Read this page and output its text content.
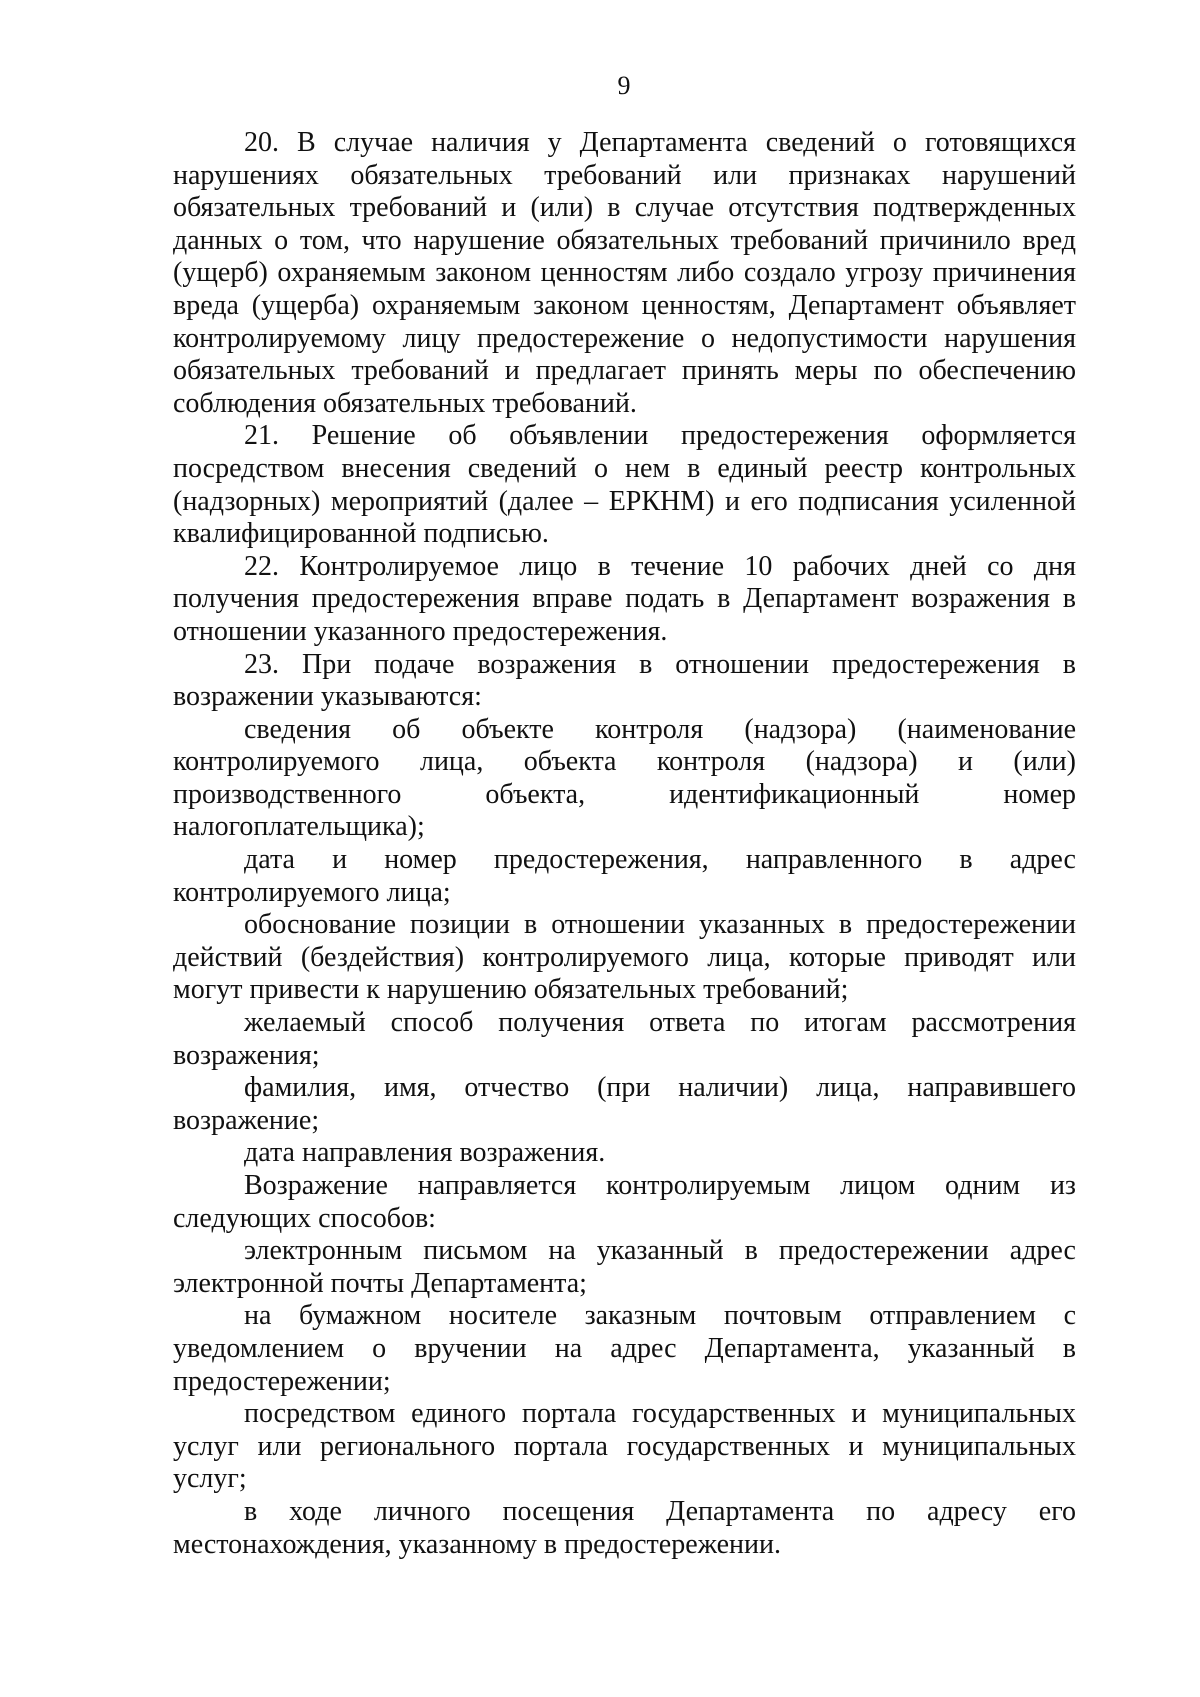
9

20. В случае наличия у Департамента сведений о готовящихся нарушениях обязательных требований или признаках нарушений обязательных требований и (или) в случае отсутствия подтвержденных данных о том, что нарушение обязательных требований причинило вред (ущерб) охраняемым законом ценностям либо создало угрозу причинения вреда (ущерба) охраняемым законом ценностям, Департамент объявляет контролируемому лицу предостережение о недопустимости нарушения обязательных требований и предлагает принять меры по обеспечению соблюдения обязательных требований.

21. Решение об объявлении предостережения оформляется посредством внесения сведений о нем в единый реестр контрольных (надзорных) мероприятий (далее – ЕРКНМ) и его подписания усиленной квалифицированной подписью.

22. Контролируемое лицо в течение 10 рабочих дней со дня получения предостережения вправе подать в Департамент возражения в отношении указанного предостережения.

23. При подаче возражения в отношении предостережения в возражении указываются:

сведения об объекте контроля (надзора) (наименование контролируемого лица, объекта контроля (надзора) и (или) производственного объекта, идентификационный номер налогоплательщика);

дата и номер предостережения, направленного в адрес контролируемого лица;

обоснование позиции в отношении указанных в предостережении действий (бездействия) контролируемого лица, которые приводят или могут привести к нарушению обязательных требований;

желаемый способ получения ответа по итогам рассмотрения возражения;

фамилия, имя, отчество (при наличии) лица, направившего возражение;

дата направления возражения.

Возражение направляется контролируемым лицом одним из следующих способов:

электронным письмом на указанный в предостережении адрес электронной почты Департамента;

на бумажном носителе заказным почтовым отправлением с уведомлением о вручении на адрес Департамента, указанный в предостережении;

посредством единого портала государственных и муниципальных услуг или регионального портала государственных и муниципальных услуг;

в ходе личного посещения Департамента по адресу его местонахождения, указанному в предостережении.
